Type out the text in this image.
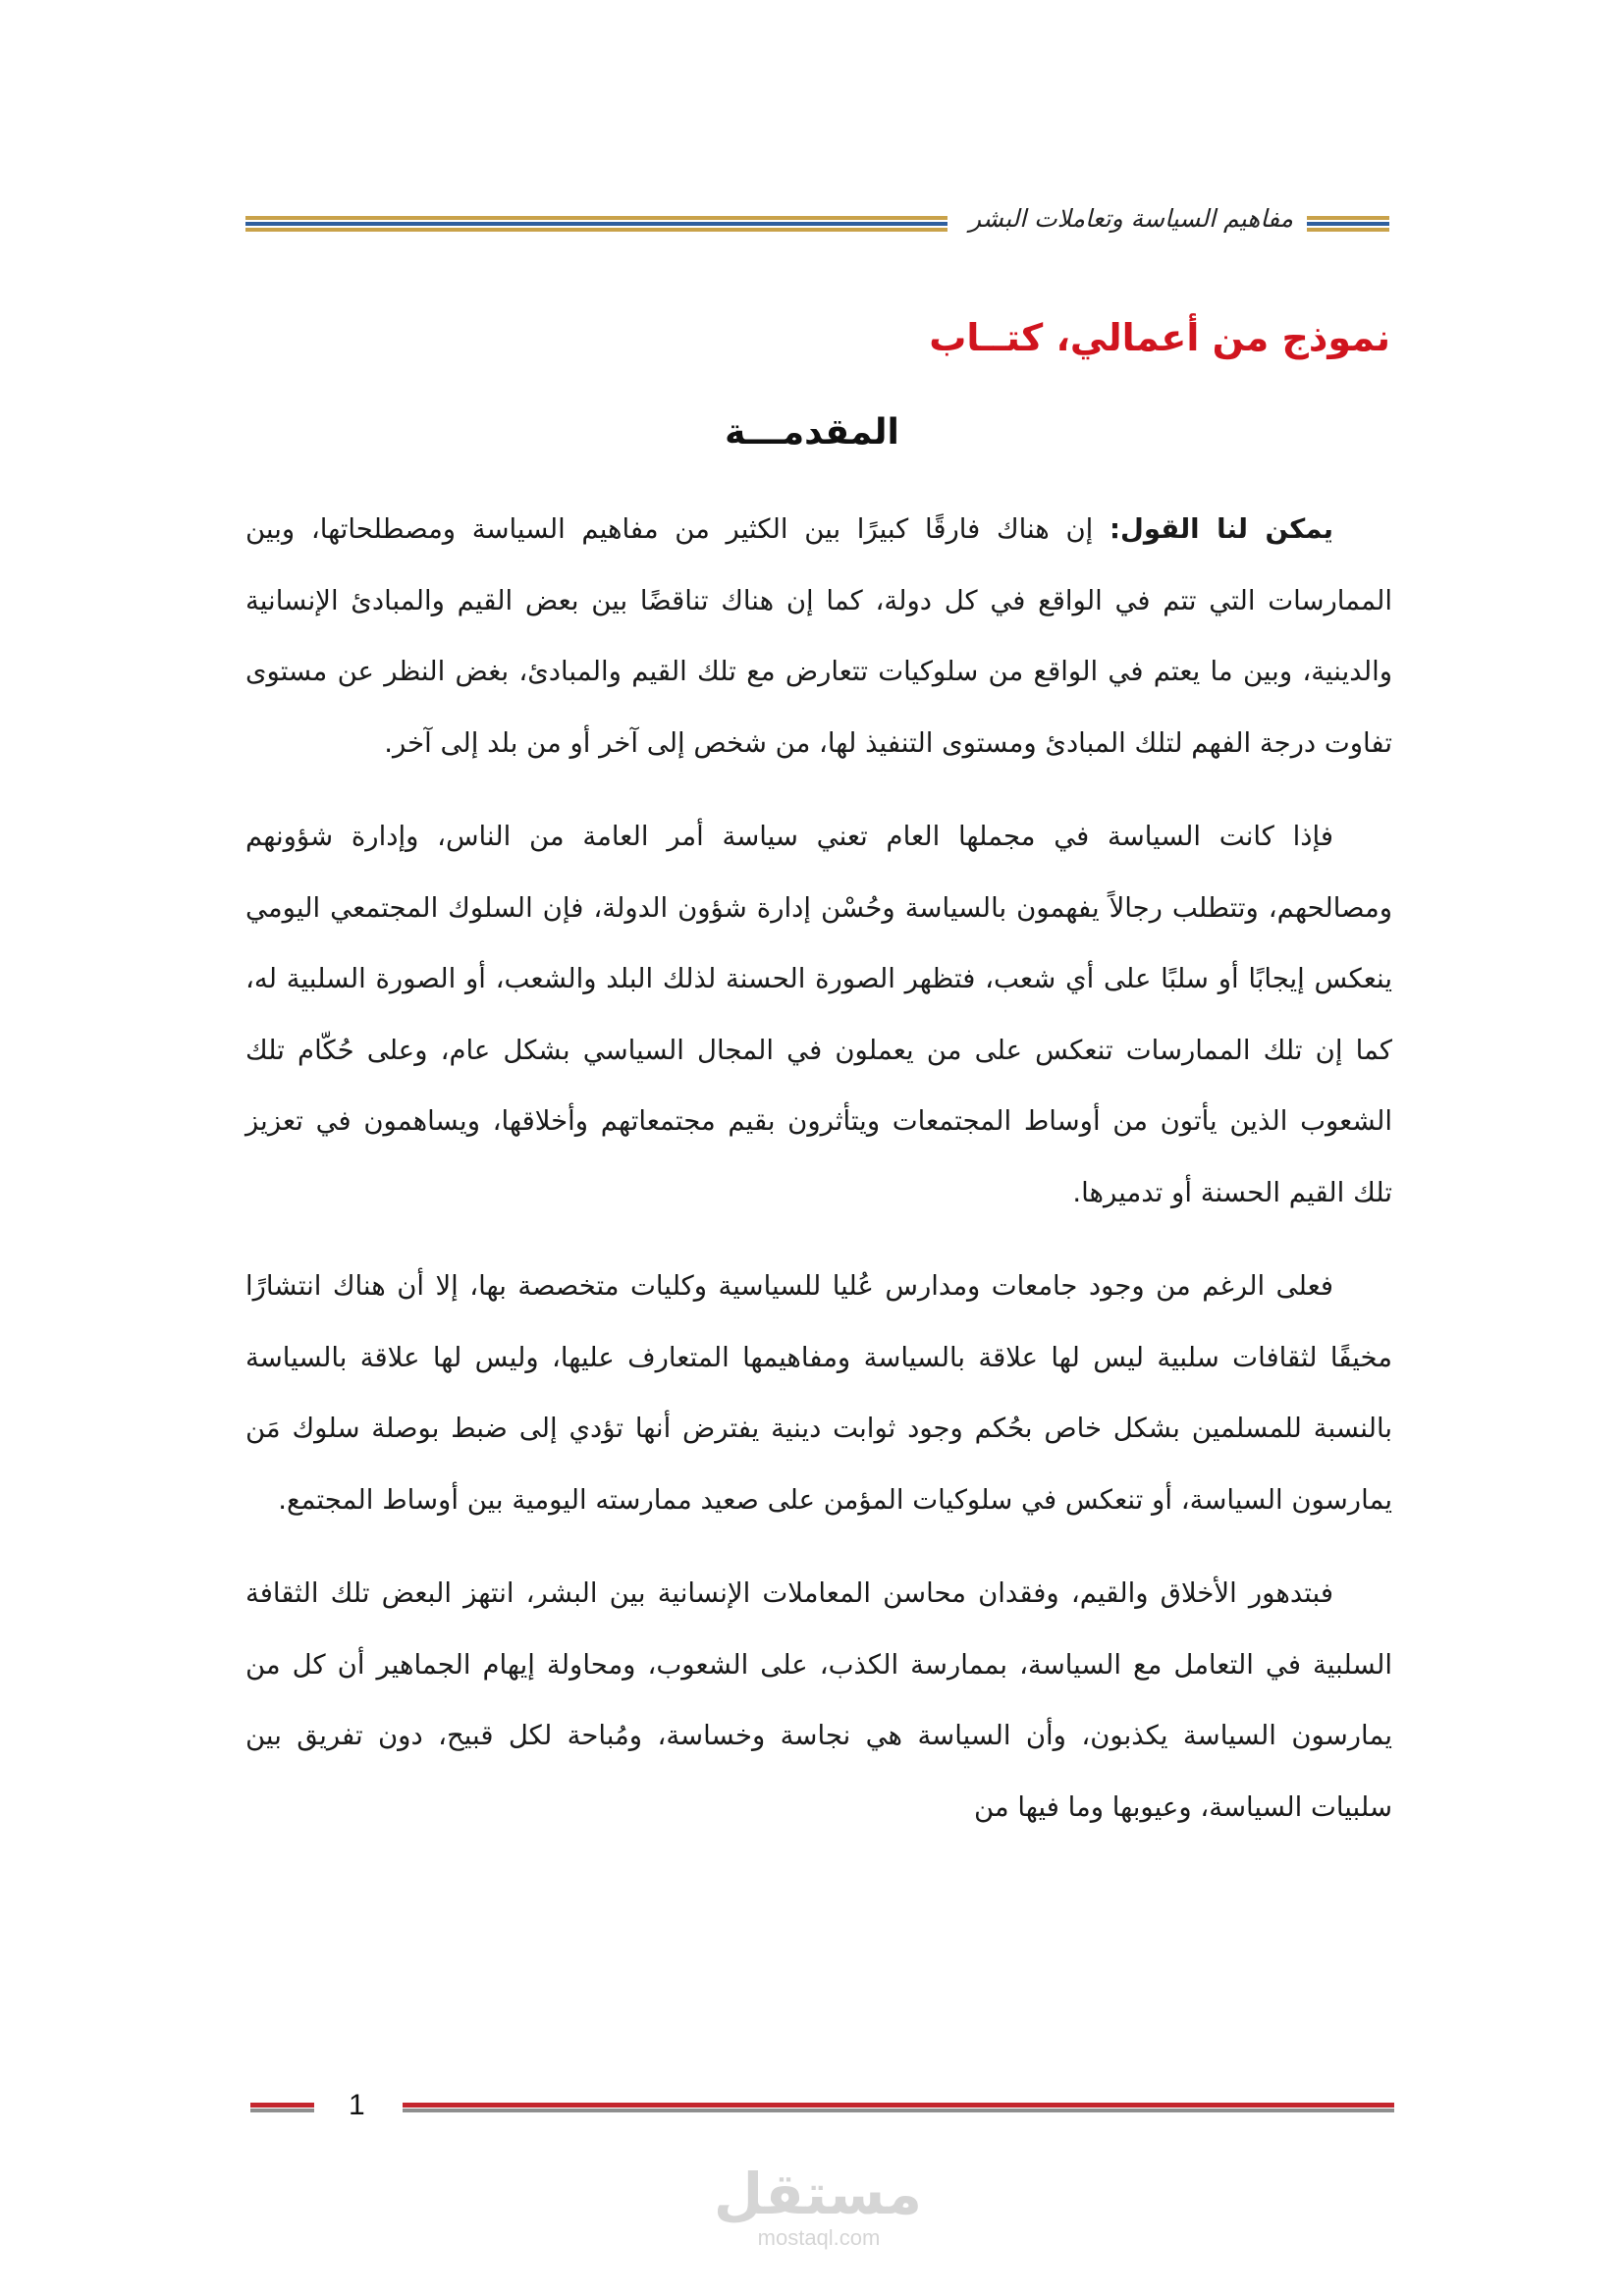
مفاهيم السياسة وتعاملات البشر
نموذج من أعمالي، كتــاب
المقدمـــة

يمكن لنا القول: إن هناك فارقًا كبيرًا بين الكثير من مفاهيم السياسة ومصطلحاتها، وبين الممارسات التي تتم في الواقع في كل دولة، كما إن هناك تناقضًا بين بعض القيم والمبادئ الإنسانية والدينية، وبين ما يعتم في الواقع من سلوكيات تتعارض مع تلك القيم والمبادئ، بغض النظر عن مستوى تفاوت درجة الفهم لتلك المبادئ ومستوى التنفيذ لها، من شخص إلى آخر أو من بلد إلى آخر.

فإذا كانت السياسة في مجملها العام تعني سياسة أمر العامة من الناس، وإدارة شؤونهم ومصالحهم، وتتطلب رجالاً يفهمون بالسياسة وحُسْن إدارة شؤون الدولة، فإن السلوك المجتمعي اليومي ينعكس إيجابًا أو سلبًا على أي شعب، فتظهر الصورة الحسنة لذلك البلد والشعب، أو الصورة السلبية له، كما إن تلك الممارسات تنعكس على من يعملون في المجال السياسي بشكل عام، وعلى حُكّام تلك الشعوب الذين يأتون من أوساط المجتمعات ويتأثرون بقيم مجتمعاتهم وأخلاقها، ويساهمون في تعزيز تلك القيم الحسنة أو تدميرها.

فعلى الرغم من وجود جامعات ومدارس عُليا للسياسية وكليات متخصصة بها، إلا أن هناك انتشارًا مخيفًا لثقافات سلبية ليس لها علاقة بالسياسة ومفاهيمها المتعارف عليها، وليس لها علاقة بالسياسة بالنسبة للمسلمين بشكل خاص بحُكم وجود ثوابت دينية يفترض أنها تؤدي إلى ضبط بوصلة سلوك مَن يمارسون السياسة، أو تنعكس في سلوكيات المؤمن على صعيد ممارسته اليومية بين أوساط المجتمع.

فبتدهور الأخلاق والقيم، وفقدان محاسن المعاملات الإنسانية بين البشر، انتهز البعض تلك الثقافة السلبية في التعامل مع السياسة، بممارسة الكذب، على الشعوب، ومحاولة إيهام الجماهير أن كل من يمارسون السياسة يكذبون، وأن السياسة هي نجاسة وخساسة، ومُباحة لكل قبيح، دون تفريق بين سلبيات السياسة، وعيوبها وما فيها من

1
مستقل
mostaql.com
